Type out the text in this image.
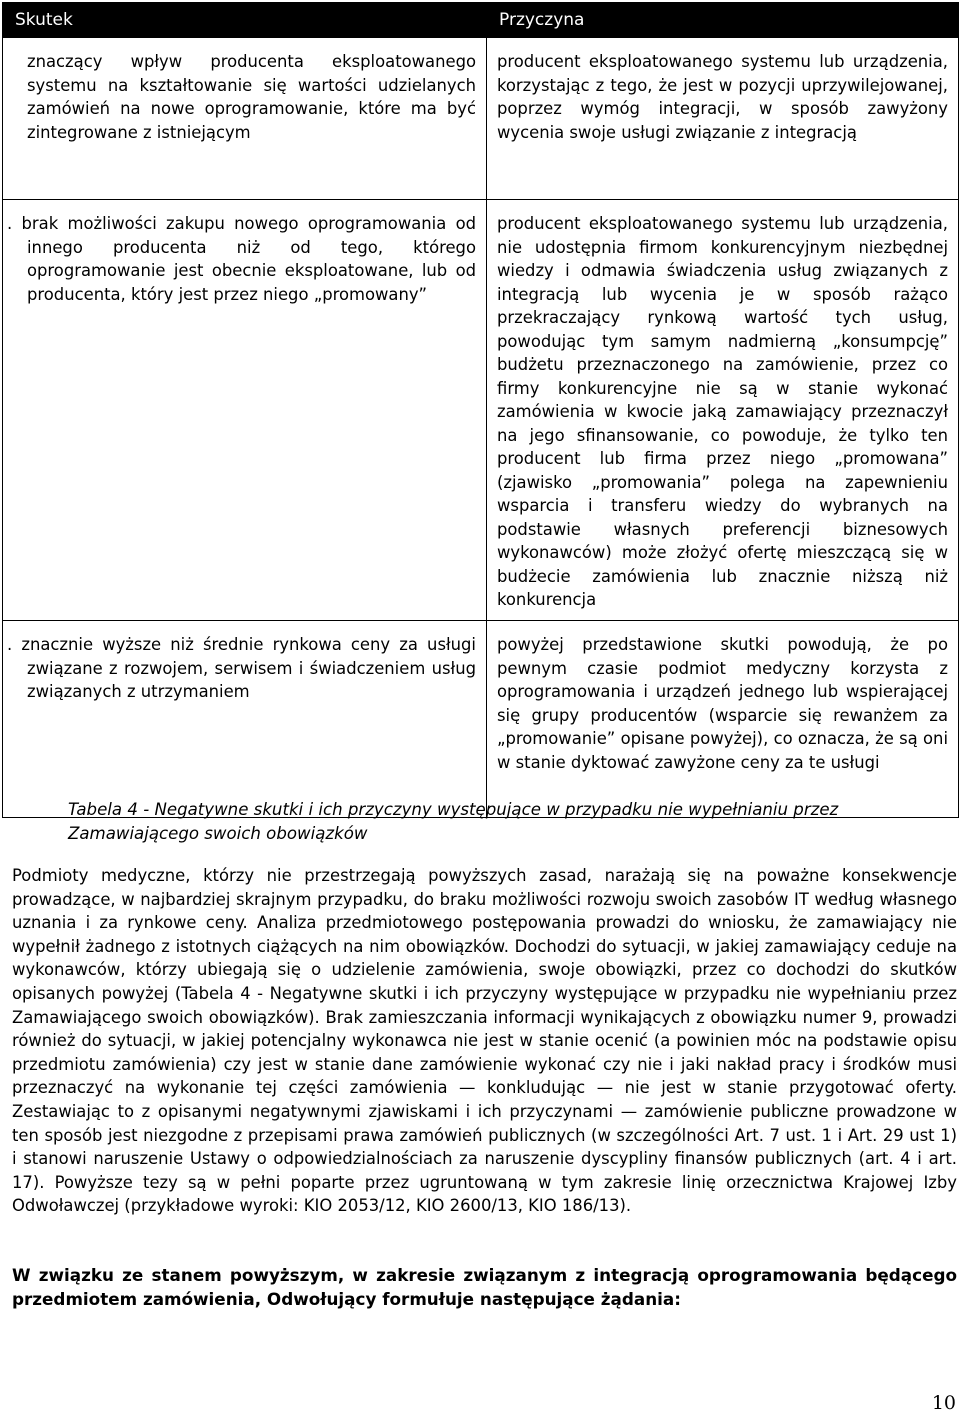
Skutek	Przyczyna
znaczący wpływ producenta eksploatowanego systemu na kształtowanie się wartości udzielanych zamówień na nowe oprogramowanie, które ma być zintegrowane z istniejącym	producent eksploatowanego systemu lub urządzenia, korzystając z tego, że jest w pozycji uprzywilejowanej, poprzez wymóg integracji, w sposób zawyżony wycenia swoje usługi związanie z integracją
. brak możliwości zakupu nowego oprogramowania od innego producenta niż od tego, którego oprogramowanie jest obecnie eksploatowane, lub od producenta, który jest przez niego „promowany”	producent eksploatowanego systemu lub urządzenia, nie udostępnia firmom konkurencyjnym niezbędnej wiedzy i odmawia świadczenia usług związanych z integracją lub wycenia je w sposób rażąco przekraczający rynkową wartość tych usług, powodując tym samym nadmierną „konsumpcję” budżetu przeznaczonego na zamówienie, przez co firmy konkurencyjne nie są w stanie wykonać zamówienia w kwocie jaką zamawiający przeznaczył na jego sfinansowanie, co powoduje, że tylko ten producent lub firma przez niego „promowana” (zjawisko „promowania” polega na zapewnieniu wsparcia i transferu wiedzy do wybranych na podstawie własnych preferencji biznesowych wykonawców) może złożyć ofertę mieszczącą się w budżecie zamówienia lub znacznie niższą niż konkurencja
. znacznie wyższe niż średnie rynkowa ceny za usługi związane z rozwojem, serwisem i świadczeniem usług związanych z utrzymaniem	powyżej przedstawione skutki powodują, że po pewnym czasie podmiot medyczny korzysta z oprogramowania i urządzeń jednego lub wspierającej się grupy producentów (wsparcie się rewanżem za „promowanie” opisane powyżej), co oznacza, że są oni w stanie dyktować zawyżone ceny za te usługi
Tabela 4 - Negatywne skutki i ich przyczyny występujące w przypadku nie wypełnianiu przez Zamawiającego swoich obowiązków

Podmioty medyczne, którzy nie przestrzegają powyższych zasad, narażają się na poważne konsekwencje prowadzące, w najbardziej skrajnym przypadku, do braku możliwości rozwoju swoich zasobów IT według własnego uznania i za rynkowe ceny. Analiza przedmiotowego postępowania prowadzi do wniosku, że zamawiający nie wypełnił żadnego z istotnych ciążących na nim obowiązków. Dochodzi do sytuacji, w jakiej zamawiający ceduje na wykonawców, którzy ubiegają się o udzielenie zamówienia, swoje obowiązki, przez co dochodzi do skutków opisanych powyżej (Tabela 4 - Negatywne skutki i ich przyczyny występujące w przypadku nie wypełnianiu przez Zamawiającego swoich obowiązków). Brak zamieszczania informacji wynikających z obowiązku numer 9, prowadzi również do sytuacji, w jakiej potencjalny wykonawca nie jest w stanie ocenić (a powinien móc na podstawie opisu przedmiotu zamówienia) czy jest w stanie dane zamówienie wykonać czy nie i jaki nakład pracy i środków musi przeznaczyć na wykonanie tej części zamówienia — konkludując — nie jest w stanie przygotować oferty. Zestawiając to z opisanymi negatywnymi zjawiskami i ich przyczynami — zamówienie publiczne prowadzone w ten sposób jest niezgodne z przepisami prawa zamówień publicznych (w szczególności Art. 7 ust. 1 i Art. 29 ust 1) i stanowi naruszenie Ustawy o odpowiedzialnościach za naruszenie dyscypliny finansów publicznych (art. 4 i art. 17). Powyższe tezy są w pełni poparte przez ugruntowaną w tym zakresie linię orzecznictwa Krajowej Izby Odwoławczej (przykładowe wyroki: KIO 2053/12, KIO 2600/13, KIO 186/13).

W związku ze stanem powyższym, w zakresie związanym z integracją oprogramowania będącego przedmiotem zamówienia, Odwołujący formułuje następujące żądania:

10
